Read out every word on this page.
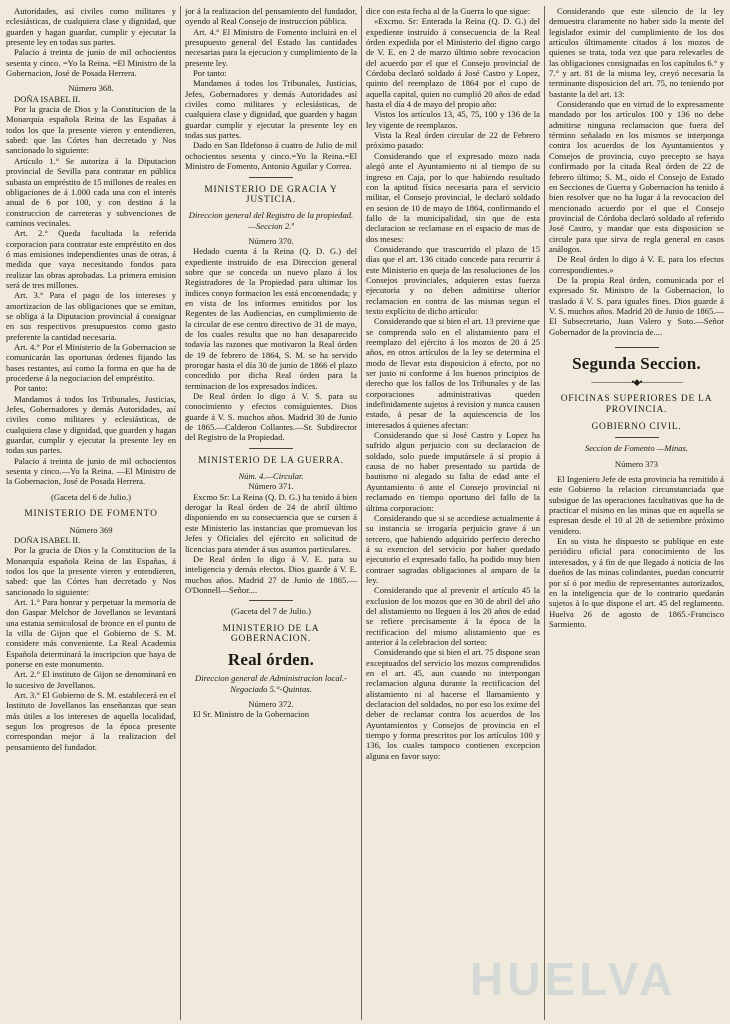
Autoridades, así civiles como militares y eclesiásticas, de cualquiera clase y dignidad, que guarden y hagan guardar, cumplir y ejecutar la presente ley en todas sus partes.
Palacio á treinta de junio de mil ochocientos sesenta y cinco. =Yo la Reina. =El Ministro de la Gobernacion, José de Posada Herrera.
Número 368.
DOÑA ISABEL II.
Por la gracia de Dios y la Constitucion de la Monarquía española Reina de las Españas á todos los que la presente vieren y entendieren, sabed: que las Córtes han decretado y Nos sancionado lo siguiente:
Artículo 1.° Se autoriza á la Diputacion provincial de Sevilla para contratar en pública subasta un empréstito de 15 millones de reales en obligaciones de á 1.000 cada una con el interés anual de 6 por 100, y con destino á la construccion de carreteras y subvenciones de caminos vecinales.
Art. 2.° Queda facultada la referida corporacion para contratar este empréstito en dos ó mas emisiones independientes unas de otras, á medida que vaya necesitando fondos para realizar las obras aprobadas. La primera emision será de tres millones.
Art. 3.° Para el pago de los intereses y amortizacion de las obligaciones que se emitan, se obliga á la Diputacion provincial á consignar en sus respectivos presupuestos como gasto preferente la cantidad necesaria.
Art. 4.° Por el Ministerio de la Gobernacion se comunicarán las oportunas órdenes fijando las bases restantes, así como la forma en que ha de procederse á la negociacion del empréstito.
Por tanto:
Mandamos á todos los Tribunales, Justicias, Jefes, Gobernadores y demás Autoridades, así civiles como militares y eclesiásticas, de cualquiera clase y dignidad, que guarden y hagan guardar, cumplir y ejecutar la presente ley en todas sus partes.
Palacio á treinta de junio de mil ochocientos sesenta y cinco.—Yo la Reina. —El Ministro de la Gobernacion, José de Posada Herrera.
(Gaceta del 6 de Julio.)
MINISTERIO DE FOMENTO
Número 369
DOÑA ISABEL II.
Por la gracia de Dios y la Constitucion de la Monarquía española Reina de las Españas, á todos los que la presente vieren y entendieren, sabed: que las Córtes han decretado y Nos sancionado lo siguiente:
Art. 1.° Para honrar y perpetuar la memoria de don Gaspar Melchor de Jovellanos se levantará una estatua semicolosal de bronce en el punto de la villa de Gijon que el Gobierno de S. M. considere más conveniente. La Real Academia Española determinará la inscripcion que haya de ponerse en este monumento.
Art. 2.° El instituto de Gijon se denominará en lo sucesivo de Jovellanos.
Art. 3.° El Gobierno de S. M. establecerá en el Instituto de Jovellanos las enseñanzas que sean más útiles a los intereses de aquella localidad, segun los progresos de la época presente correspondan mejor á la realizacion del pensamiento del fundador.
jor á la realizacion del pensamiento del fundador, oyendo al Real Consejo de instruccion pública.
Art. 4.° El Ministro de Fomento incluirá en el presupuesto general del Estado las cantidades necesarias para la ejecucion y cumplimiento de la presente ley.
Por tanto:
Mandamos á todos los Tribunales, Justicias, Jefes, Gobernadores y demás Autoridades así civiles como militares y eclesiásticas, de cualquiera clase y dignidad, que guarden y hagan guardar cumplir y ejecutar la presente ley en todas sus partes.
Dado en San Ildefonso á cuatro de Julio de mil ochocientos sesenta y cinco.=Yo la Reina.=El Ministro de Fomento, Antonio Aguilar y Correa.
MINISTERIO DE GRACIA Y JUSTICIA.
Direccion general del Registro de la propiedad.—Seccion 2.ª
Número 370.
Hedado cuenta á la Reina (Q. D. G.) del expediente instruido de esa Direccion general sobre que se conceda un nuevo plazo á los Registradores de la Propiedad para ultimar los índices conyo formacion les está encomendada; y en vista de los informes emitidos por los Regentes de las Audiencias, en cumplimiento de la circular de ese centro directivo de 31 de mayo, de los cuales resulta que no han desaparecido todavía las razones que motivaron la Real órden de 19 de febrero de 1864, S. M. se ha servido prorogar hasta el día 30 de junio de 1866 el plazo concedido por dicha Real órden para la terminacion de los expresados índices.
De Real órden lo digo á V. S. para su conocimiento y efectos consiguientes. Dios guarde á V. S. muchos años. Madrid 30 de Junio de 1865.—Calderon Collantes.—Sr. Subdirector del Registro de la Propiedad.
MINISTERIO DE LA GUERRA.
Núm. 4.—Circular.
Número 371.
Excmo Sr: La Reina (Q. D. G.) ha tenido á bien derogar la Real órden de 24 de abril último disponiendo en su consecuencia que se cursen á este Ministerio las instancias que promuevan los Jefes y Oficiales del ejército en solicitud de licencias para atender á sus asuntos particulares.
De Real órden lo digo á V. E. para su inteligencia y demás efectos. Dios guarde á V. E. muchos años. Madrid 27 de Junio de 1865.—O'Donnell—Señor....
(Gaceta del 7 de Julio.)
MINISTERIO DE LA GOBERNACION.
Real órden.
Direccion general de Administracion local.-Negociado 5.°-Quintas.
Número 372.
El Sr. Ministro de la Gobernacion
dice con esta fecha al de la Guerra lo que sigue:
«Excmo. Sr: Enterada la Reina (Q. D. G.) del expediente instruido á consecuencia de la Real órden expedida por el Ministerio del digno cargo de V. E. en 2 de marzo último sobre revocacion del acuerdo por el que el Consejo provincial de Córdoba declaró soldado á José Castro y Lopez, quinto del reemplazo de 1864 por el cupo de aquella capital, quien no cumplió 20 años de edad hasta el día 4 de mayo del propio año:
Vistos los artículos 13, 45, 75, 100 y 136 de la ley vigente de reemplazos.
Vista la Real órden circular de 22 de Febrero próximo pasado:
Considerando que el expresado mozo nada alegó ante el Ayuntamiento ni al tiempo de su ingreso en Caja, por lo que habiendo resultado con la aptitud física necesaria para el servicio militar, el Consejo provincial, le declaró soldado en sesion de 10 de mayo de 1864, confirmando el fallo de la municipalidad, sin que de esta declaracion se reclamase en el espacio de mas de dos meses:
Considerando que trascurrido el plazo de 15 días que el art. 136 citado concede para recurrir á este Ministerio en queja de las resoluciones de los Consejos provinciales, adquieren estas fuerza ejecutoria y no deben admitirse ulterior reclamacion en contra de las mismas segun el texto explícito de dicho artículo:
Considerando que si bien el art. 13 previene que se comprenda solo en el alistamiento para el reemplazo del ejército á los mozos de 20 á 25 años, en otros artículos de la ley se determina el modo de llevar esta disposicion á efecto, por no ser justo ni conforme á los buenos principios de derecho que los fallos de los Tribunales y de las corporaciones administrativas queden indefinidamente sujetos á revision y nunca causen estado, á pesar de la aquiescencia de los interesados á quienes afectan:
Considerando que si José Castro y Lopez ha sufrido algun perjuicio con su declaracion de soldado, solo puede imputársele á sí propio á causa de no haber presentado su partida de bautismo ni alegado su falta de edad ante el Ayuntamiento ó ante el Consejo provincial ni reclamado en tiempo oportuno del fallo de la última corporacion:
Considerando que si se accediese actualmente á su instancia se irrogaría perjuicio grave á un tercero, que habiendo adquirido perfecto derecho á su exencion del servicio por haber quedado ejecutorio el expresado fallo, ha podido muy bien contraer sagradas obligaciones al amparo de la ley.
Considerando que al prevenir el artículo 45 la exclusion de los mozos que en 30 de abril del año del alistamiento no lleguen á los 20 años de edad se refiere precisamente á la época de la rectificacion del mismo alistamiento que es anterior á la celebracion del sorteo:
Considerando que si bien el art. 75 dispone sean exceptuados del servicio los mozos comprendidos en el art. 45, aun cuando no interpongan reclamacion alguna durante la rectificacion del alistamiento ni al hacerse el llamamiento y declaracion del soldados, no por eso los exime del deber de reclamar contra los acuerdos de los Ayuntamientos y Consejos de provincia en el tiempo y forma prescritos por los artículos 100 y 136, los cuales tampoco contienen excepcion alguna en favor suyo:
Considerando que este silencio de la ley demuestra claramente no haber sido la mente del legislador eximir del cumplimiento de los dos artículos últimamente citados á los mozos de quienes se trata, toda vez que para relevarles de las obligaciones consignadas en los capítulos 6.° y 7.° y art. 81 de la misma ley, creyó necesaria la terminante disposicion del art. 75, no teniendo por bastante la del art. 13:
Considerando que en virtud de lo expresamente mandado por los artículos 100 y 136 no debe admitirse ninguna reclamacion que fuera del término señalado en los mismos se interponga contra los acuerdos de los Ayuntamientos y Consejos de provincia, cuyo precepto se haya confirmado por la citada Real órden de 22 de febrero último; S. M., oido el Consejo de Estado en Secciones de Guerra y Gobernacion ha tenido á bien resolver que no ha lugar á la revocacion del mencionado acuerdo por el que el Consejo provincial de Córdoba declaró soldado al referido José Castro, y mandar que esta disposicion se circule para que sirva de regla general en casos análogos.
De Real órden lo digo á V. E. para los efectos correspondientes.»
De la propia Real órden, comunicada por el expresado Sr. Ministro de la Gobernacion, lo traslado á V. S. para iguales fines. Dios guarde á V. S. muchos años. Madrid 20 de Junio de 1865.—El Subsecretario, Juan Valero y Soto.—Señor Gobernador de la provincia de....
Segunda Seccion.
—————•◆•—————
OFICINAS SUPERIORES DE LA PROVINCIA.
GOBIERNO CIVIL.
Seccion de Fomento —Minas.
Número 373
El Ingeniero Jefe de esta provincia ha remitido á este Gobierno la relacion circunstanciada que subsigue de las operaciones facultativas que ha de practicar el mismo en las minas que en aquella se espresan desde el 10 al 28 de setiembre próximo venidero.
En su vista he dispuesto se publique en este periódico oficial para conocimiento de los interesados, y á fin de que llegado á noticia de los dueños de las minas colindantes, puedan concurrir por sí ó por medio de representantes autorizados, en la inteligencia que de lo contrario quedarán sujetos á lo que dispone el art. 45 del reglamento. Huelva 26 de agosto de 1865.-Francisco Sarmiento.
HUELVA
